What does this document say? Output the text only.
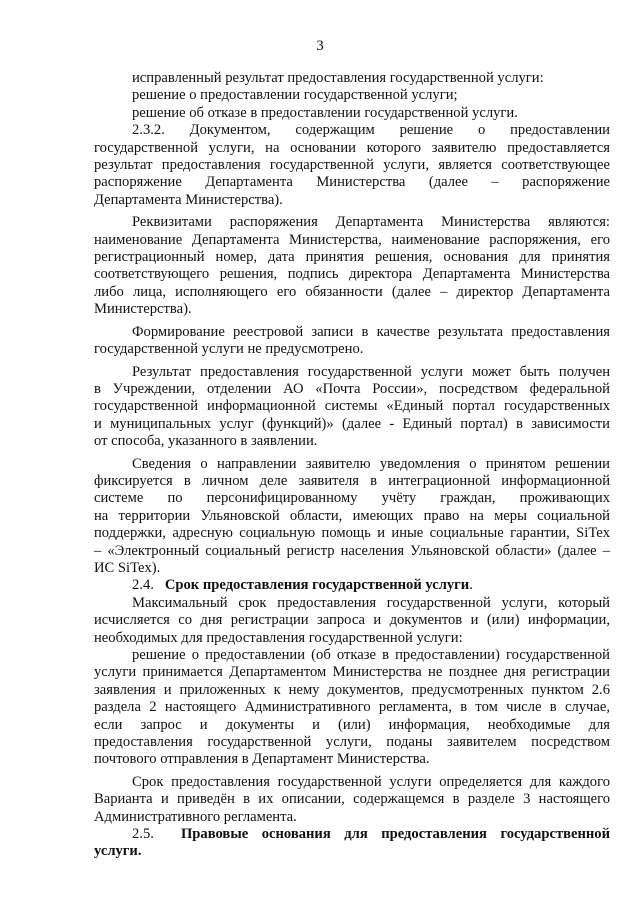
3
исправленный результат предоставления государственной услуги:
решение о предоставлении государственной услуги;
решение об отказе в предоставлении государственной услуги.
2.3.2. Документом, содержащим решение о предоставлении
государственной услуги, на основании которого заявителю предоставляется
результат предоставления государственной услуги, является соответствующее
распоряжение Департамента Министерства (далее – распоряжение
Департамента Министерства).
Реквизитами распоряжения Департамента Министерства являются:
наименование Департамента Министерства, наименование распоряжения, его
регистрационный номер, дата принятия решения, основания для принятия
соответствующего решения, подпись директора Департамента Министерства
либо лица, исполняющего его обязанности (далее – директор Департамента
Министерства).
Формирование реестровой записи в качестве результата предоставления
государственной услуги не предусмотрено.
Результат предоставления государственной услуги может быть получен
в Учреждении, отделении АО «Почта России», посредством федеральной
государственной информационной системы «Единый портал государственных
и муниципальных услуг (функций)» (далее - Единый портал) в зависимости
от способа, указанного в заявлении.
Сведения о направлении заявителю уведомления о принятом решении
фиксируется в личном деле заявителя в интеграционной информационной
системе по персонифицированному учёту граждан, проживающих
на территории Ульяновской области, имеющих право на меры социальной
поддержки, адресную социальную помощь и иные социальные гарантии, SiTex
– «Электронный социальный регистр населения Ульяновской области» (далее –
ИС SiTex).
2.4. Срок предоставления государственной услуги.
Максимальный срок предоставления государственной услуги, который
исчисляется со дня регистрации запроса и документов и (или) информации,
необходимых для предоставления государственной услуги:
решение о предоставлении (об отказе в предоставлении) государственной
услуги принимается Департаментом Министерства не позднее дня регистрации
заявления и приложенных к нему документов, предусмотренных пунктом 2.6
раздела 2 настоящего Административного регламента, в том числе в случае,
если запрос и документы и (или) информация, необходимые для
предоставления государственной услуги, поданы заявителем посредством
почтового отправления в Департамент Министерства.
Срок предоставления государственной услуги определяется для каждого
Варианта и приведён в их описании, содержащемся в разделе 3 настоящего
Административного регламента.
2.5. Правовые основания для предоставления государственной
услуги.
